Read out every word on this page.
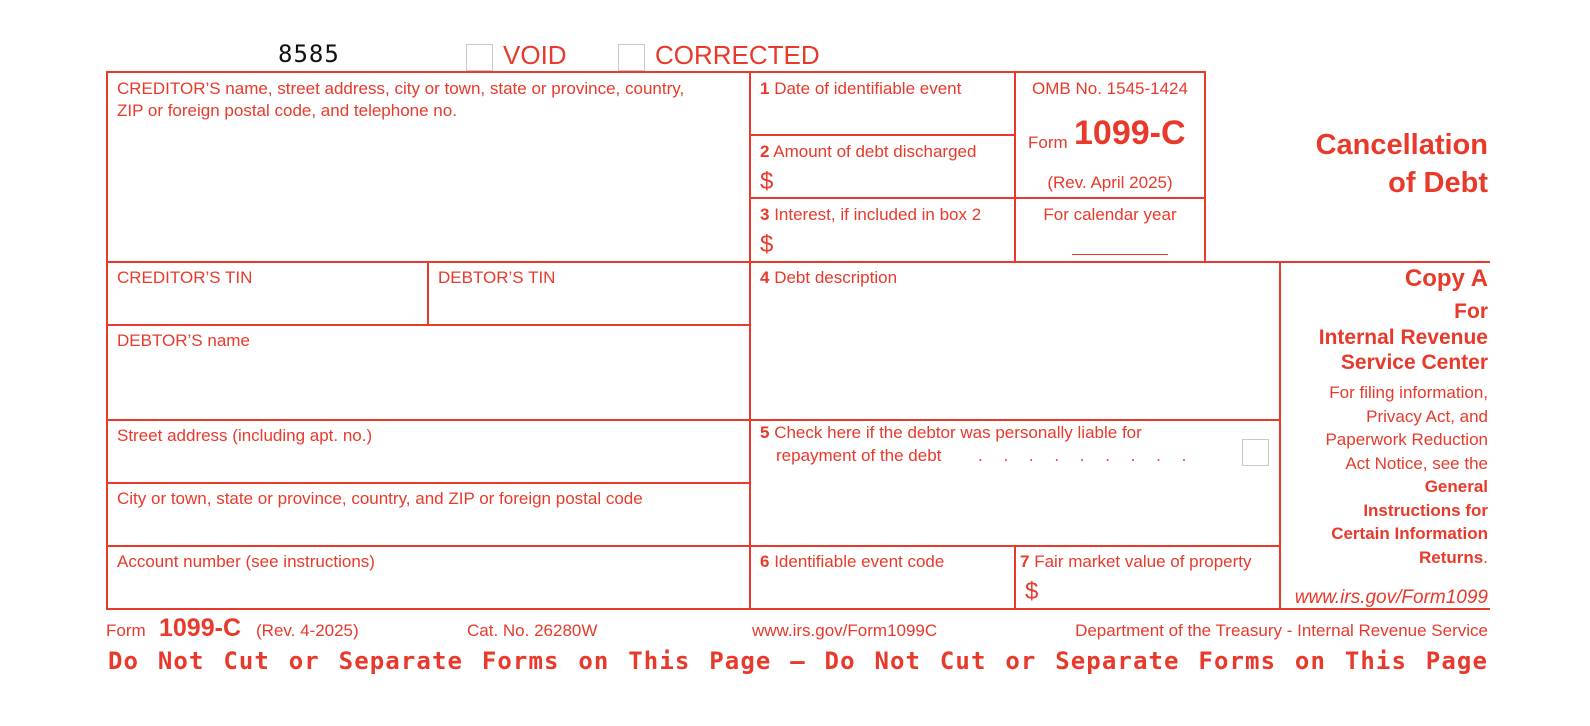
8585	VOID	CORRECTED
CREDITOR’S name, street address, city or town, state or province, country,
ZIP or foreign postal code, and telephone no.
1 Date of identifiable event
2 Amount of debt discharged
$
3 Interest, if included in box 2
$
OMB No. 1545-1424
Form 1099-C
(Rev. April 2025)
For calendar year
Cancellation
of Debt
CREDITOR’S TIN	DEBTOR’S TIN	4 Debt description
DEBTOR’S name
Street address (including apt. no.)	5 Check here if the debtor was personally liable for
repayment of the debt . . . . . . . . .
City or town, state or province, country, and ZIP or foreign postal code
Account number (see instructions)	6 Identifiable event code	7 Fair market value of property
$
Copy A
For
Internal Revenue
Service Center
For filing information,
Privacy Act, and
Paperwork Reduction
Act Notice, see the
General
Instructions for
Certain Information
Returns.
www.irs.gov/Form1099
Form 1099-C (Rev. 4-2025)	Cat. No. 26280W	www.irs.gov/Form1099C	Department of the Treasury - Internal Revenue Service
Do Not Cut or Separate Forms on This Page — Do Not Cut or Separate Forms on This Page
